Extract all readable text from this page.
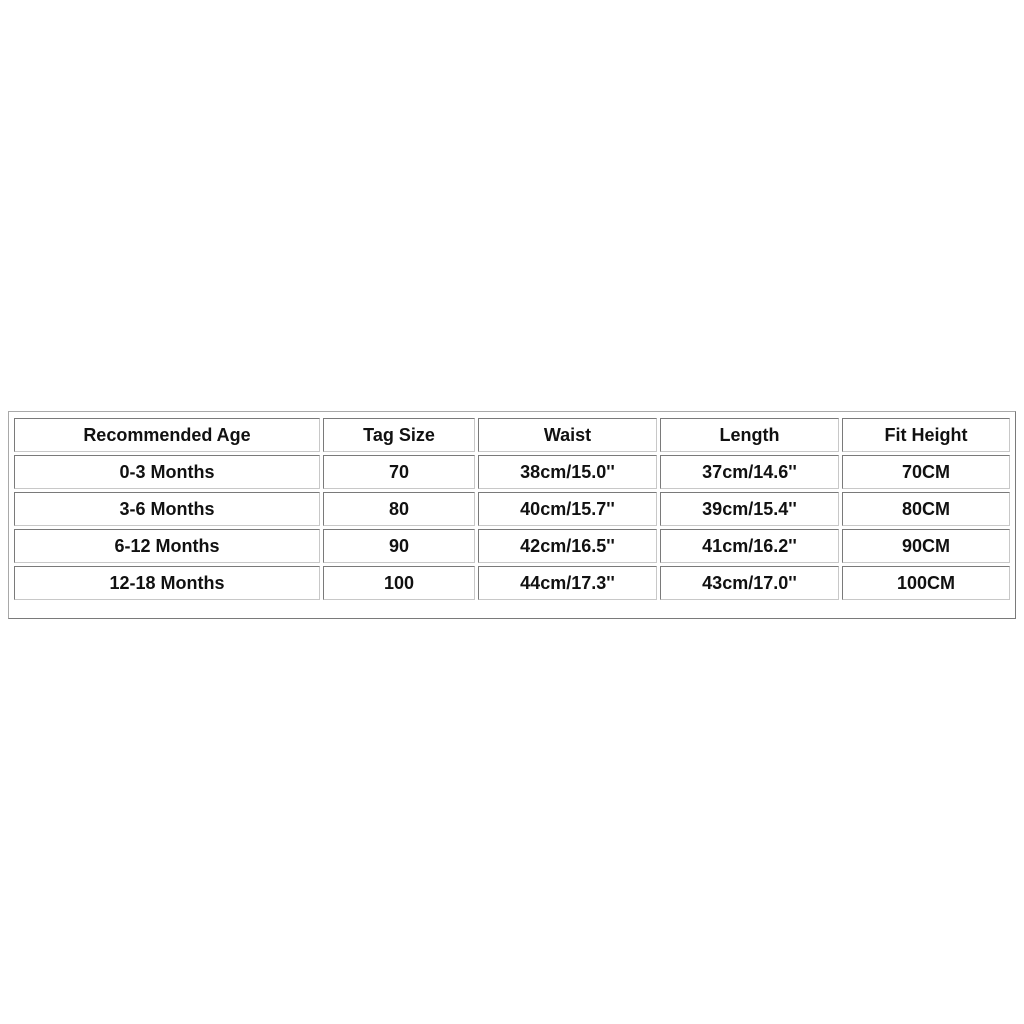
Recommended Age	Tag Size	Waist	Length	Fit Height
0-3 Months	70	38cm/15.0''	37cm/14.6''	70CM
3-6 Months	80	40cm/15.7''	39cm/15.4''	80CM
6-12 Months	90	42cm/16.5''	41cm/16.2''	90CM
12-18 Months	100	44cm/17.3''	43cm/17.0''	100CM
